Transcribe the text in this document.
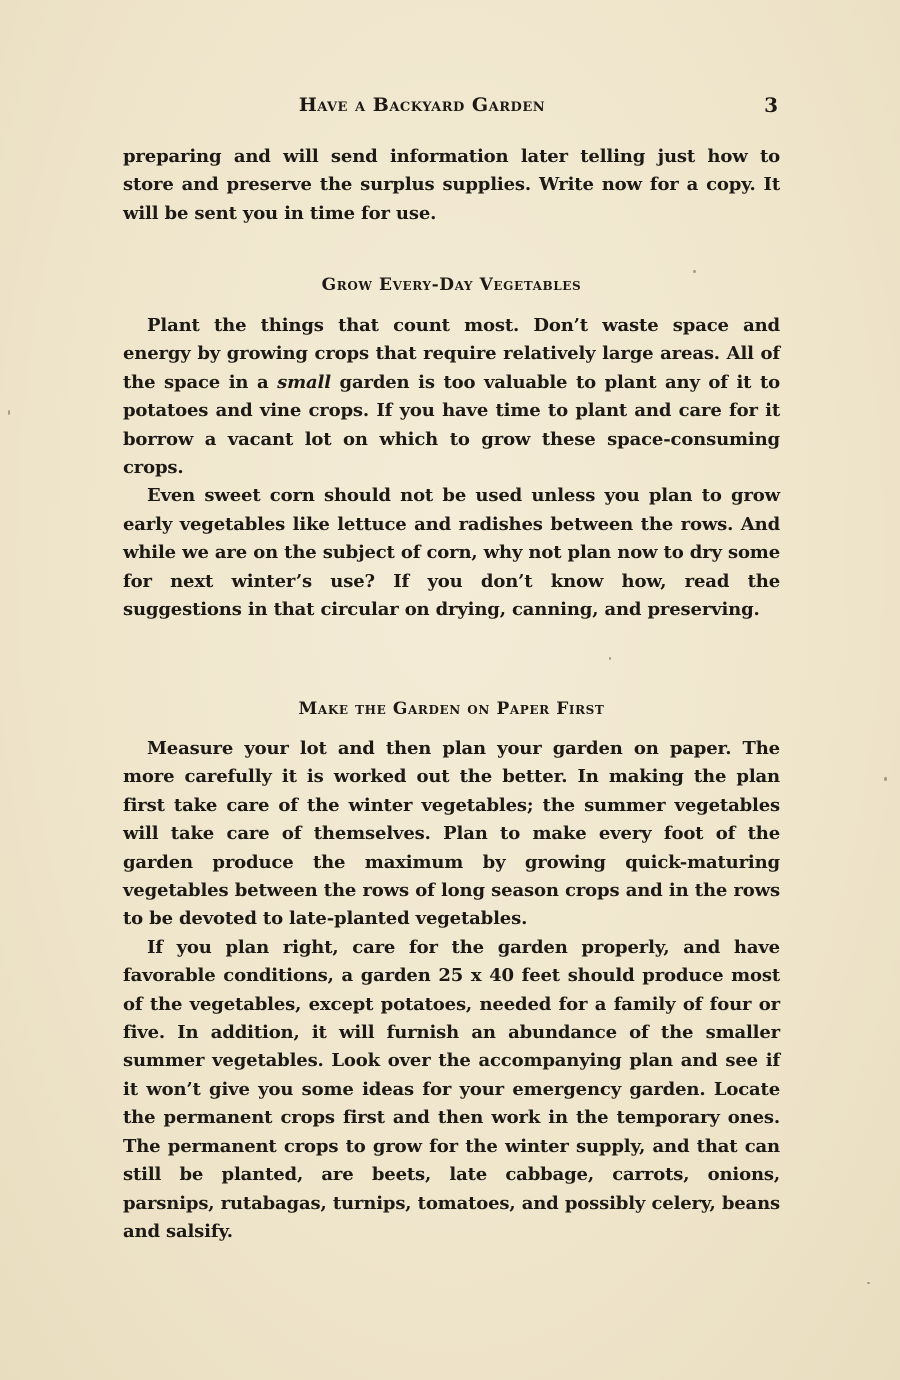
Have a Backyard Garden	3

preparing and will send information later telling just how to store and preserve the surplus supplies. Write now for a copy. It will be sent you in time for use.

Grow Every-Day Vegetables

Plant the things that count most. Don’t waste space and energy by growing crops that require relatively large areas. All of the space in a small garden is too valuable to plant any of it to potatoes and vine crops. If you have time to plant and care for it borrow a vacant lot on which to grow these space-consuming crops.

Even sweet corn should not be used unless you plan to grow early vegetables like lettuce and radishes between the rows. And while we are on the subject of corn, why not plan now to dry some for next winter’s use? If you don’t know how, read the suggestions in that circular on drying, canning, and preserving.

Make the Garden on Paper First

Measure your lot and then plan your garden on paper. The more carefully it is worked out the better. In making the plan first take care of the winter vegetables; the summer vegetables will take care of themselves. Plan to make every foot of the garden produce the maximum by growing quick-maturing vegetables between the rows of long season crops and in the rows to be devoted to late-planted vegetables.

If you plan right, care for the garden properly, and have favorable conditions, a garden 25 x 40 feet should produce most of the vegetables, except potatoes, needed for a family of four or five. In addition, it will furnish an abundance of the smaller summer vegetables. Look over the accompanying plan and see if it won’t give you some ideas for your emergency garden. Locate the permanent crops first and then work in the temporary ones. The permanent crops to grow for the winter supply, and that can still be planted, are beets, late cabbage, carrots, onions, parsnips, rutabagas, turnips, tomatoes, and possibly celery, beans and salsify.
